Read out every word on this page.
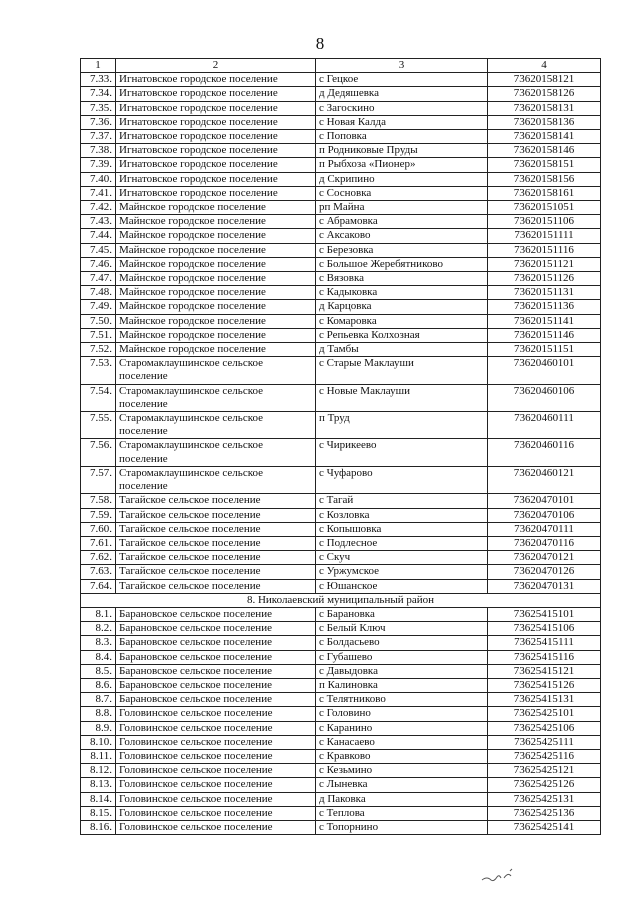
8
1	2	3	4
7.33.	Игнатовское городское поселение	с Гецкое	73620158121
7.34.	Игнатовское городское поселение	д Дедяшевка	73620158126
7.35.	Игнатовское городское поселение	с Загоскино	73620158131
7.36.	Игнатовское городское поселение	с Новая Калда	73620158136
7.37.	Игнатовское городское поселение	с Поповка	73620158141
7.38.	Игнатовское городское поселение	п Родниковые Пруды	73620158146
7.39.	Игнатовское городское поселение	п Рыбхоза «Пионер»	73620158151
7.40.	Игнатовское городское поселение	д Скрипино	73620158156
7.41.	Игнатовское городское поселение	с Сосновка	73620158161
7.42.	Майнское городское поселение	рп Майна	73620151051
7.43.	Майнское городское поселение	с Абрамовка	73620151106
7.44.	Майнское городское поселение	с Аксаково	73620151111
7.45.	Майнское городское поселение	с Березовка	73620151116
7.46.	Майнское городское поселение	с Большое Жеребятниково	73620151121
7.47.	Майнское городское поселение	с Вязовка	73620151126
7.48.	Майнское городское поселение	с Кадыковка	73620151131
7.49.	Майнское городское поселение	д Карцовка	73620151136
7.50.	Майнское городское поселение	с Комаровка	73620151141
7.51.	Майнское городское поселение	с Репьевка Колхозная	73620151146
7.52.	Майнское городское поселение	д Тамбы	73620151151
7.53.	Старомаклаушинское сельское поселение	с Старые Маклауши	73620460101
7.54.	Старомаклаушинское сельское поселение	с Новые Маклауши	73620460106
7.55.	Старомаклаушинское сельское поселение	п Труд	73620460111
7.56.	Старомаклаушинское сельское поселение	с Чирикеево	73620460116
7.57.	Старомаклаушинское сельское поселение	с Чуфарово	73620460121
7.58.	Тагайское сельское поселение	с Тагай	73620470101
7.59.	Тагайское сельское поселение	с Козловка	73620470106
7.60.	Тагайское сельское поселение	с Копышовка	73620470111
7.61.	Тагайское сельское поселение	с Подлесное	73620470116
7.62.	Тагайское сельское поселение	с Скуч	73620470121
7.63.	Тагайское сельское поселение	с Уржумское	73620470126
7.64.	Тагайское сельское поселение	с Юшанское	73620470131
8. Николаевский муниципальный район			
8.1.	Барановское сельское поселение	с Барановка	73625415101
8.2.	Барановское сельское поселение	с Белый Ключ	73625415106
8.3.	Барановское сельское поселение	с Болдасьево	73625415111
8.4.	Барановское сельское поселение	с Губашево	73625415116
8.5.	Барановское сельское поселение	с Давыдовка	73625415121
8.6.	Барановское сельское поселение	п Калиновка	73625415126
8.7.	Барановское сельское поселение	с Телятниково	73625415131
8.8.	Головинское сельское поселение	с Головино	73625425101
8.9.	Головинское сельское поселение	с Каранино	73625425106
8.10.	Головинское сельское поселение	с Канасаево	73625425111
8.11.	Головинское сельское поселение	с Кравково	73625425116
8.12.	Головинское сельское поселение	с Кезьмино	73625425121
8.13.	Головинское сельское поселение	с Лыневка	73625425126
8.14.	Головинское сельское поселение	д Паковка	73625425131
8.15.	Головинское сельское поселение	с Теплова	73625425136
8.16.	Головинское сельское поселение	с Топорнино	73625425141
